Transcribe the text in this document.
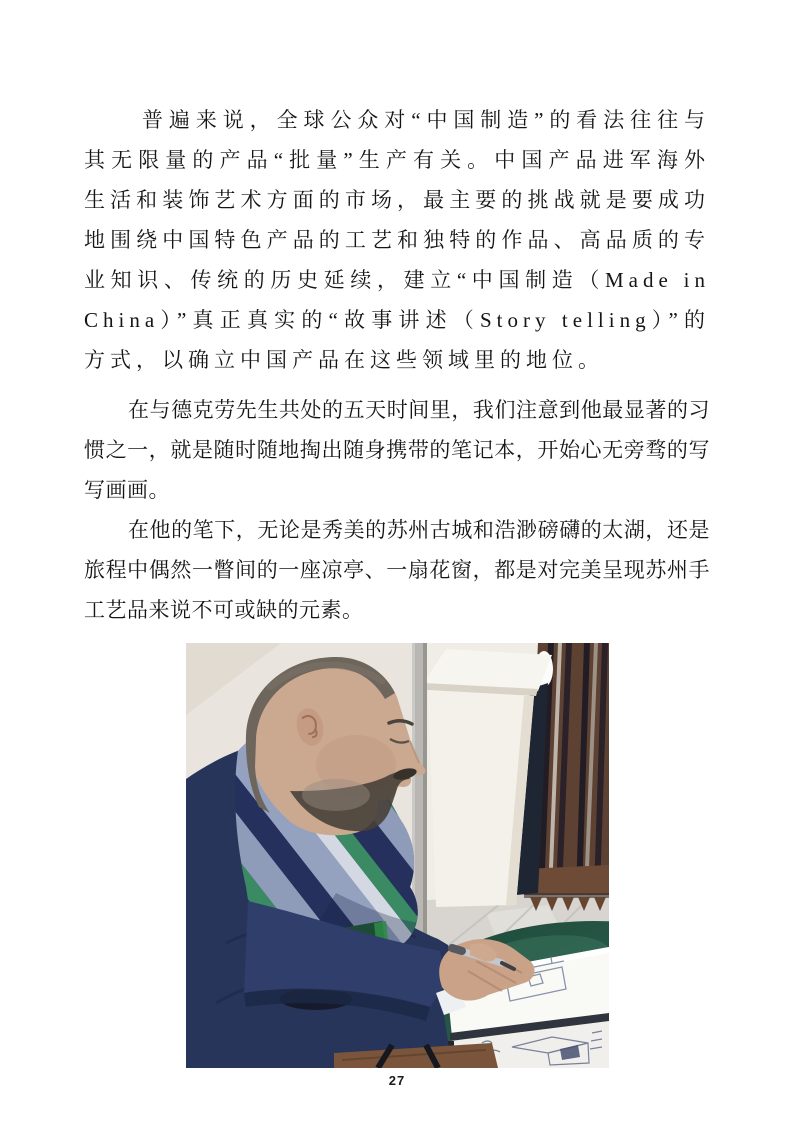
普遍来说，全球公众对“中国制造”的看法往往与其无限量的产品“批量”生产有关。中国产品进军海外生活和装饰艺术方面的市场，最主要的挑战就是要成功地围绕中国特色产品的工艺和独特的作品、高品质的专业知识、传统的历史延续，建立“中国制造（Made in China）”真正真实的“故事讲述（Story telling）”的方式，以确立中国产品在这些领域里的地位。

在与德克劳先生共处的五天时间里，我们注意到他最显著的习惯之一，就是随时随地掏出随身携带的笔记本，开始心无旁骛的写写画画。

在他的笔下，无论是秀美的苏州古城和浩渺磅礴的太湖，还是旅程中偶然一瞥间的一座凉亭、一扇花窗，都是对完美呈现苏州手工艺品来说不可或缺的元素。

27
